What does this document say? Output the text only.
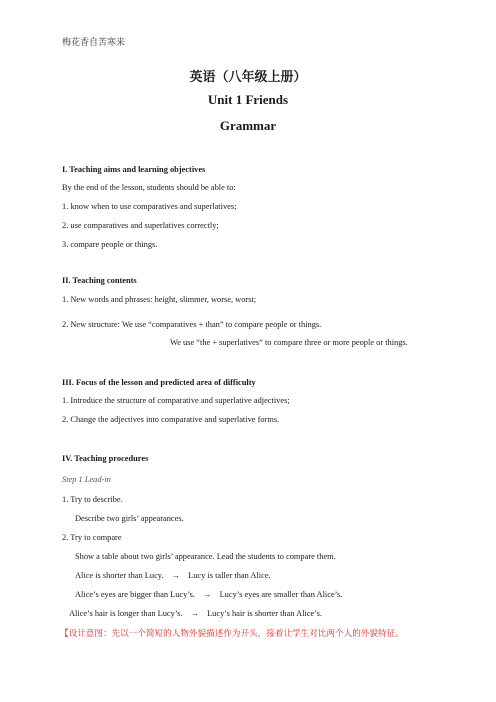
梅花香自苦寒来
英语（八年级上册）
Unit 1 Friends
Grammar
I. Teaching aims and learning objectives
By the end of the lesson, students should be able to:
1. know when to use comparatives and superlatives;
2. use comparatives and superlatives correctly;
3. compare people or things.
II. Teaching contents
1. New words and phrases: height, slimmer, worse, worst;
2. New structure: We use “comparatives + than” to compare people or things.
We use “the + superlatives” to compare three or more people or things.
III. Focus of the lesson and predicted area of difficulty
1. Introduce the structure of comparative and superlative adjectives;
2. Change the adjectives into comparative and superlative forms.
IV. Teaching procedures
Step 1 Lead-in
1. Try to describe.
Describe two girls’ appearances.
2. Try to compare
Show a table about two girls’ appearance. Lead the students to compare them.
Alice is shorter than Lucy. → Lucy is taller than Alice.
Alice’s eyes are bigger than Lucy’s. → Lucy’s eyes are smaller than Alice’s.
Alice’s hair is longer than Lucy’s. → Lucy’s hair is shorter than Alice’s.
【设计意图：先以一个简短的人物外貌描述作为开头，接着让学生对比两个人的外貌特征。
